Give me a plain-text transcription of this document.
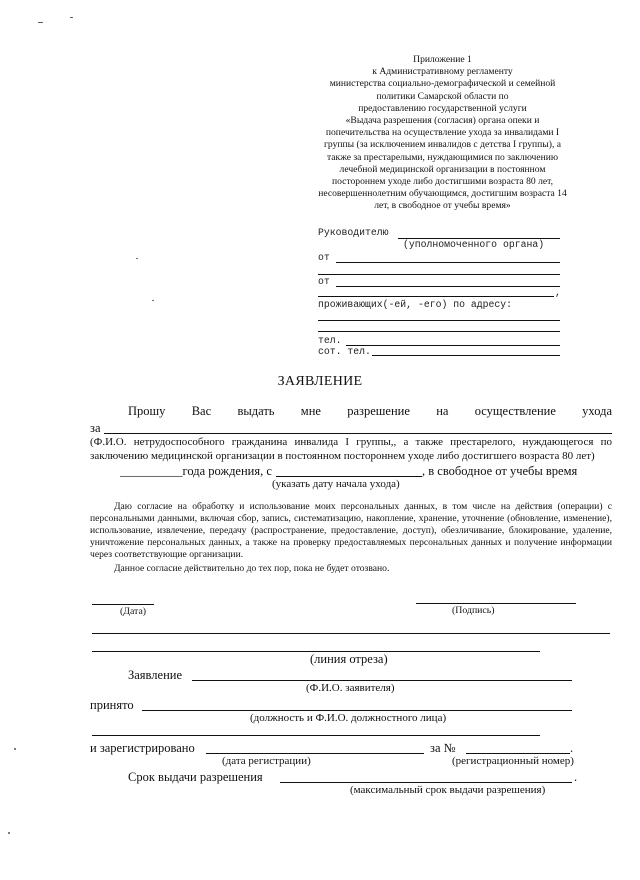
Приложение 1
к Административному регламенту
министерства социально-демографической и семейной
политики Самарской области по
предоставлению государственной услуги
«Выдача разрешения (согласия) органа опеки и
попечительства на осуществление ухода за инвалидами I
группы (за исключением инвалидов с детства I группы), а
также за престарелыми, нуждающимися по заключению
лечебной медицинской организации в постоянном
постороннем уходе либо достигшими возраста 80 лет,
несовершеннолетним обучающимся, достигшим возраста 14
лет, в свободное от учебы время»
Руководителю
(уполномоченного органа)
от
от
,
проживающих(-ей, -его) по адресу:
тел.
сот. тел.
ЗАЯВЛЕНИЕ
Прошу Вас выдать мне разрешение на осуществление ухода
за
(Ф.И.О. нетрудоспособного гражданина инвалида I группы,, а также престарелого, нуждающегося по заключению медицинской организации в постоянном постороннем уходе либо достигшего возраста 80 лет)
__________года рождения, с	, в свободное от учебы время
(указать дату начала ухода)
Даю согласие на обработку и использование моих персональных данных, в том числе на действия (операции) с персональными данными, включая сбор, запись, систематизацию, накопление, хранение, уточнение (обновление, изменение), использование, извлечение, передачу (распространение, предоставление, доступ), обезличивание, блокирование, удаление, уничтожение персональных данных, а также на проверку предоставляемых персональных данных и получение информации через соответствующие организации.
Данное согласие действительно до тех пор, пока не будет отозвано.
(Дата)	(Подпись)
(линия отреза)
Заявление
(Ф.И.О. заявителя)
принято
(должность и Ф.И.О. должностного лица)
и зарегистрировано	за №	.
(дата регистрации)	(регистрационный номер)
Срок выдачи разрешения	.
(максимальный срок выдачи разрешения)
